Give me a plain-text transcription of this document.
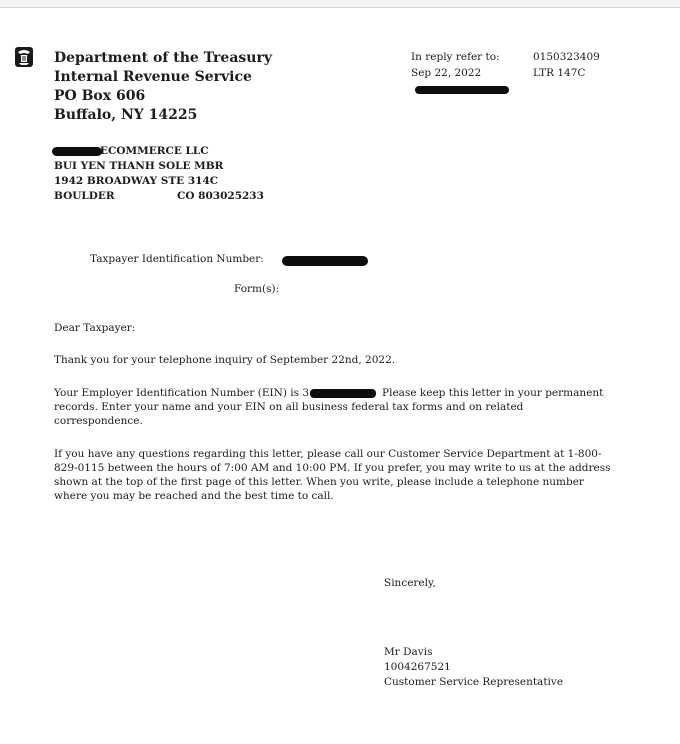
Department of the Treasury
Internal Revenue Service
PO Box 606
Buffalo, NY 14225
In reply refer to:
Sep 22, 2022
0150323409
LTR 147C
ECOMMERCE LLC
BUI YEN THANH SOLE MBR
1942 BROADWAY STE 314C
BOULDER	CO 803025233
Taxpayer Identification Number:
Form(s):
Dear Taxpayer:
Thank you for your telephone inquiry of September 22nd, 2022.
Your Employer Identification Number (EIN) is 3	Please keep this letter in your permanent records. Enter your name and your EIN on all business federal tax forms and on related correspondence.
If you have any questions regarding this letter, please call our Customer Service Department at 1-800-829-0115 between the hours of 7:00 AM and 10:00 PM. If you prefer, you may write to us at the address shown at the top of the first page of this letter. When you write, please include a telephone number where you may be reached and the best time to call.
Sincerely,
Mr Davis
1004267521
Customer Service Representative
